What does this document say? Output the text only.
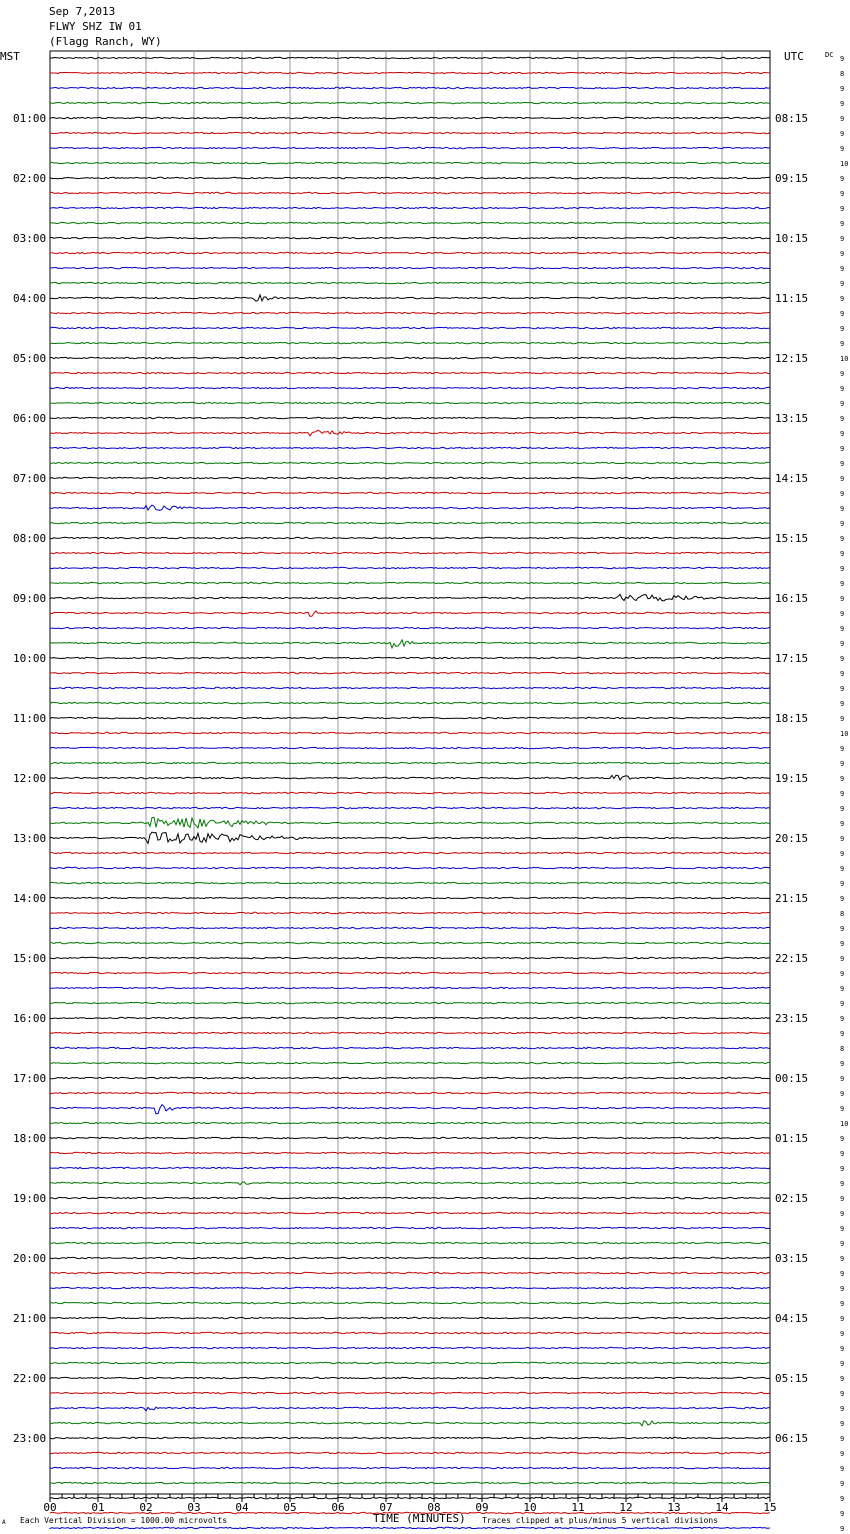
Sep 7,2013
FLWY SHZ IW 01
(Flagg Ranch, WY)
9
8
9
9
9
9
9
10
9
9
9
9
9
9
9
9
9
9
9
9
10
9
9
9
9
9
9
9
9
9
9
9
9
9
9
9
9
9
9
9
9
9
9
9
9
10
9
9
9
9
9
9
9
9
9
9
9
8
9
9
9
9
9
9
9
9
8
9
9
9
9
10
9
9
9
9
9
9
9
9
9
9
9
9
9
9
9
9
9
9
9
9
9
9
9
9
9
9
9
01:00
02:00
03:00
04:00
05:00
06:00
07:00
08:00
09:00
10:00
11:00
12:00
13:00
14:00
15:00
16:00
17:00
18:00
19:00
20:00
21:00
22:00
23:00
08:15
09:15
10:15
11:15
12:15
13:15
14:15
15:15
16:15
17:15
18:15
19:15
20:15
21:15
22:15
23:15
00:15
01:15
02:15
03:15
04:15
05:15
06:15
00	01	02	03	04	05	06	07	08	09	10	11	12	13	14	15
MST	UTC	DC
A Each Vertical Division = 1000.00 microvolts	TIME (MINUTES) Traces clipped at plus/minus 5 vertical divisions
